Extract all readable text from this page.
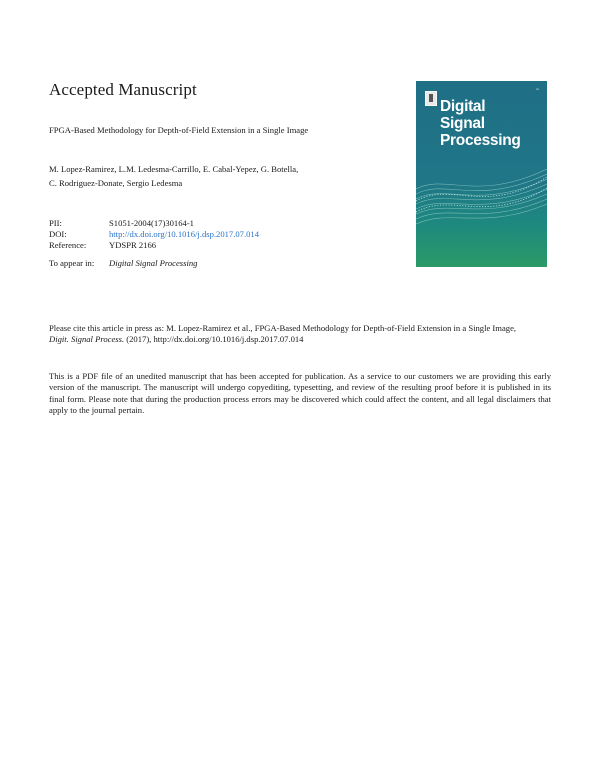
Accepted Manuscript

FPGA-Based Methodology for Depth-of-Field Extension in a Single Image

M. Lopez-Ramirez, L.M. Ledesma-Carrillo, E. Cabal-Yepez, G. Botella,
C. Rodriguez-Donate, Sergio Ledesma
PII:	S1051-2004(17)30164-1
DOI:	http://dx.doi.org/10.1016/j.dsp.2017.07.014
Reference:	YDSPR 2166

To appear in:	Digital Signal Processing
▪▪▪
Digital
Signal
Processing

Please cite this article in press as: M. Lopez-Ramirez et al., FPGA-Based Methodology for Depth-of-Field Extension in a Single Image,
Digit. Signal Process. (2017), http://dx.doi.org/10.1016/j.dsp.2017.07.014

This is a PDF file of an unedited manuscript that has been accepted for publication. As a service to our customers we are providing this early version of the manuscript. The manuscript will undergo copyediting, typesetting, and review of the resulting proof before it is published in its final form. Please note that during the production process errors may be discovered which could affect the content, and all legal disclaimers that apply to the journal pertain.
